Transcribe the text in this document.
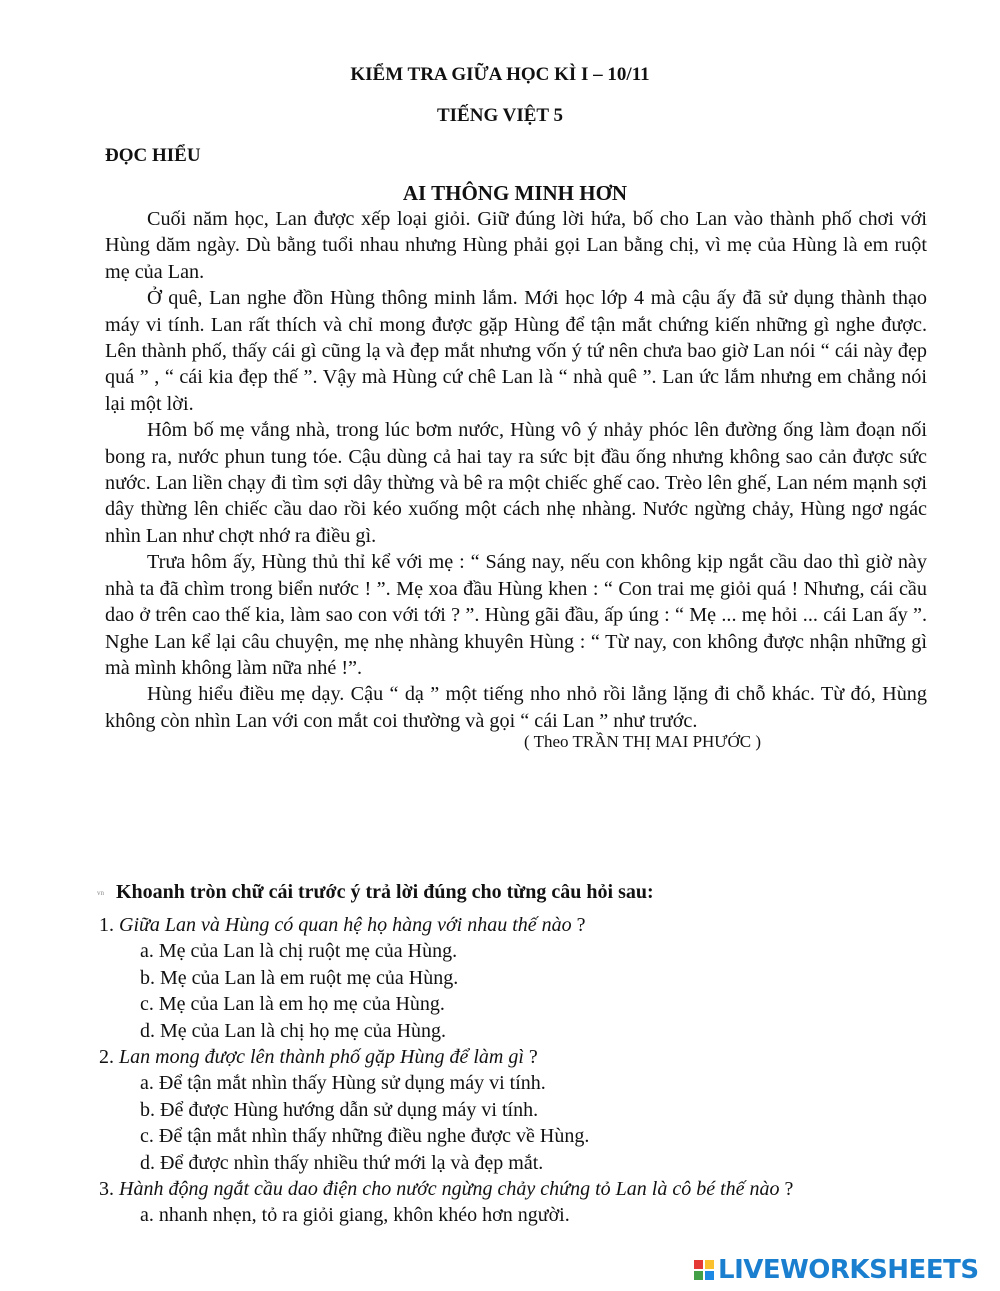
KIỂM TRA GIỮA HỌC KÌ I – 10/11
TIẾNG VIỆT 5
ĐỌC HIỂU
AI THÔNG MINH HƠN

Cuối năm học, Lan được xếp loại giỏi. Giữ đúng lời hứa, bố cho Lan vào thành phố chơi với Hùng dăm ngày. Dù bằng tuổi nhau nhưng Hùng phải gọi Lan bằng chị, vì mẹ của Hùng là em ruột mẹ của Lan.

Ở quê, Lan nghe đồn Hùng thông minh lắm. Mới học lớp 4 mà cậu ấy đã sử dụng thành thạo máy vi tính. Lan rất thích và chỉ mong được gặp Hùng để tận mắt chứng kiến những gì nghe được. Lên thành phố, thấy cái gì cũng lạ và đẹp mắt nhưng vốn ý tứ nên chưa bao giờ Lan nói “ cái này đẹp quá ” , “ cái kia đẹp thế ”. Vậy mà Hùng cứ chê Lan là “ nhà quê ”. Lan ức lắm nhưng em chẳng nói lại một lời.

Hôm bố mẹ vắng nhà, trong lúc bơm nước, Hùng vô ý nhảy phóc lên đường ống làm đoạn nối bong ra, nước phun tung tóe. Cậu dùng cả hai tay ra sức bịt đầu ống nhưng không sao cản được sức nước. Lan liền chạy đi tìm sợi dây thừng và bê ra một chiếc ghế cao. Trèo lên ghế, Lan ném mạnh sợi dây thừng lên chiếc cầu dao rồi kéo xuống một cách nhẹ nhàng. Nước ngừng chảy, Hùng ngơ ngác nhìn Lan như chợt nhớ ra điều gì.

Trưa hôm ấy, Hùng thủ thỉ kể với mẹ : “ Sáng nay, nếu con không kịp ngắt cầu dao thì giờ này nhà ta đã chìm trong biển nước ! ”. Mẹ xoa đầu Hùng khen : “ Con trai mẹ giỏi quá ! Nhưng, cái cầu dao ở trên cao thế kia, làm sao con với tới ? ”. Hùng gãi đầu, ấp úng : “ Mẹ ... mẹ hỏi ... cái Lan ấy ”. Nghe Lan kể lại câu chuyện, mẹ nhẹ nhàng khuyên Hùng : “ Từ nay, con không được nhận những gì mà mình không làm nữa nhé !”.

Hùng hiểu điều mẹ dạy. Cậu “ dạ ” một tiếng nho nhỏ rồi lẳng lặng đi chỗ khác. Từ đó, Hùng không còn nhìn Lan với con mắt coi thường và gọi “ cái Lan ” như trước.

( Theo TRẦN THỊ MAI PHƯỚC )
vn Khoanh tròn chữ cái trước ý trả lời đúng cho từng câu hỏi sau:

1. Giữa Lan và Hùng có quan hệ họ hàng với nhau thế nào ?

a. Mẹ của Lan là chị ruột mẹ của Hùng.

b. Mẹ của Lan là em ruột mẹ của Hùng.

c. Mẹ của Lan là em họ mẹ của Hùng.

d. Mẹ của Lan là chị họ mẹ của Hùng.

2. Lan mong được lên thành phố gặp Hùng để làm gì ?

a. Để tận mắt nhìn thấy Hùng sử dụng máy vi tính.

b. Để được Hùng hướng dẫn sử dụng máy vi tính.

c. Để tận mắt nhìn thấy những điều nghe được về Hùng.

d. Để được nhìn thấy nhiều thứ mới lạ và đẹp mắt.

3. Hành động ngắt cầu dao điện cho nước ngừng chảy chứng tỏ Lan là cô bé thế nào ?

a. nhanh nhẹn, tỏ ra giỏi giang, khôn khéo hơn người.

LIVEWORKSHEETS
